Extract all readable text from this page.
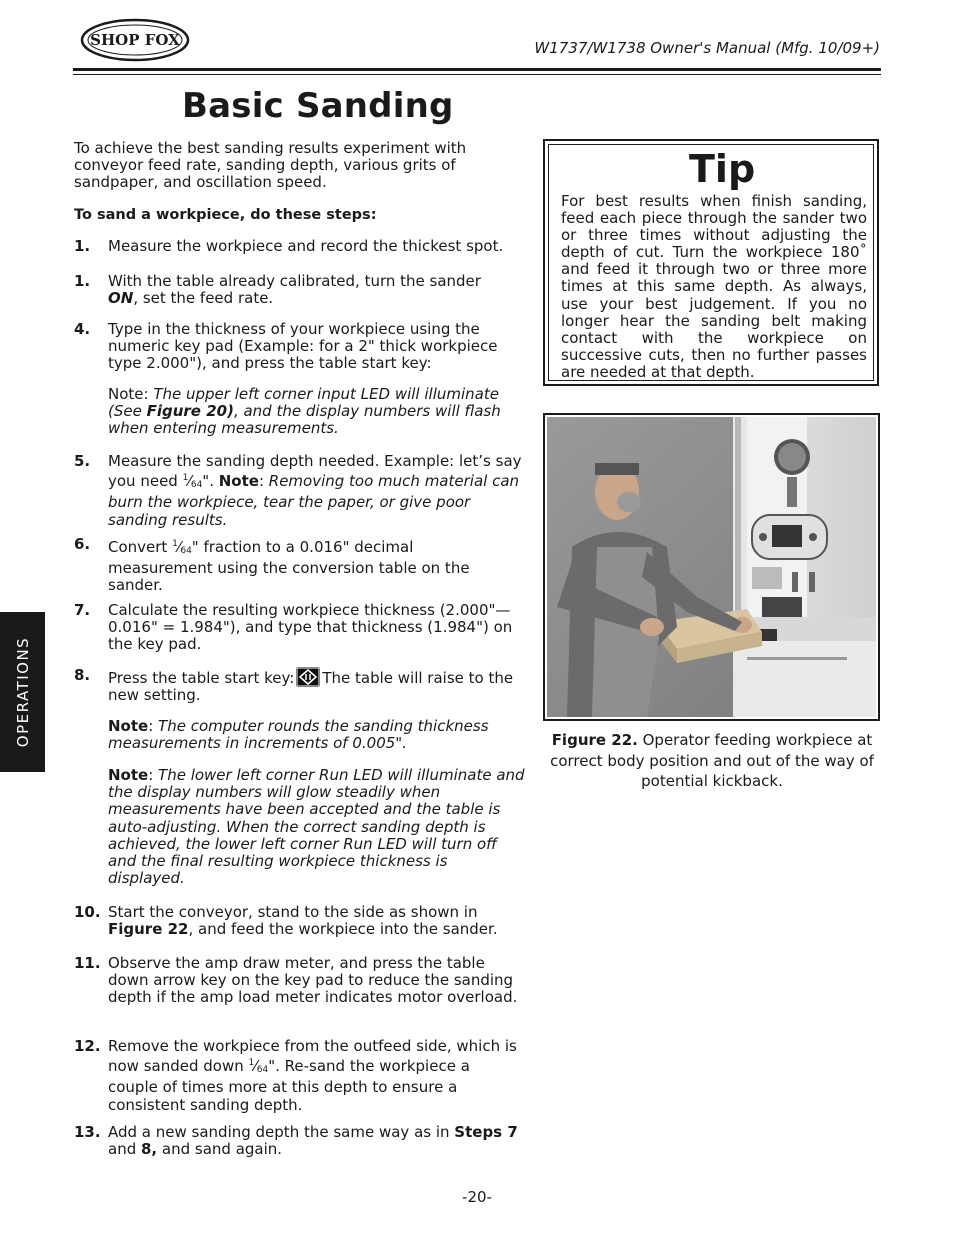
SHOP FOX	W1737/W1738 Owner's Manual (Mfg. 10/09+)
Basic Sanding
To achieve the best sanding results experiment with conveyor feed rate, sanding depth, various grits of sandpaper, and oscillation speed.
To sand a workpiece, do these steps:
1.	Measure the workpiece and record the thickest spot.
1.	With the table already calibrated, turn the sander ON, set the feed rate.
4.	Type in the thickness of your workpiece using the numeric key pad (Example: for a 2" thick workpiece type 2.000"), and press the table start key:
Note: The upper left corner input LED will illuminate (See Figure 20), and the display numbers will flash when entering measurements.
5.	Measure the sanding depth needed. Example: let’s say you need $^1⁄_{64}$". Note: Removing too much material can burn the workpiece, tear the paper, or give poor sanding results.
6.	Convert $^1⁄_{64}$" fraction to a 0.016" decimal measurement using the conversion table on the sander.
7.	Calculate the resulting workpiece thickness (2.000"— 0.016" = 1.984"), and type that thickness (1.984") on the key pad.
8.	Press the table start key: The table will raise to the new setting.
Note: The computer rounds the sanding thickness measurements in increments of 0.005".
Note: The lower left corner Run LED will illuminate and the display numbers will glow steadily when measurements have been accepted and the table is auto-adjusting. When the correct sanding depth is achieved, the lower left corner Run LED will turn off and the final resulting workpiece thickness is displayed.
10. Start the conveyor, stand to the side as shown in Figure 22, and feed the workpiece into the sander.
11. Observe the amp draw meter, and press the table down arrow key on the key pad to reduce the sanding depth if the amp load meter indicates motor overload.
12. Remove the workpiece from the outfeed side, which is now sanded down $^1⁄_{64}$". Re-sand the workpiece a couple of times more at this depth to ensure a consistent sanding depth.
13. Add a new sanding depth the same way as in Steps 7 and 8, and sand again.
Tip
For best results when finish sanding, feed each piece through the sander two or three times without adjusting the depth of cut. Turn the workpiece 180˚ and feed it through two or three more times at this same depth. As always, use your best judgement. If you no longer hear the sanding belt making contact with the workpiece on successive cuts, then no further passes are needed at that depth.
Figure 22. Operator feeding workpiece at correct body position and out of the way of potential kickback.
OPERATIONS
-20-
